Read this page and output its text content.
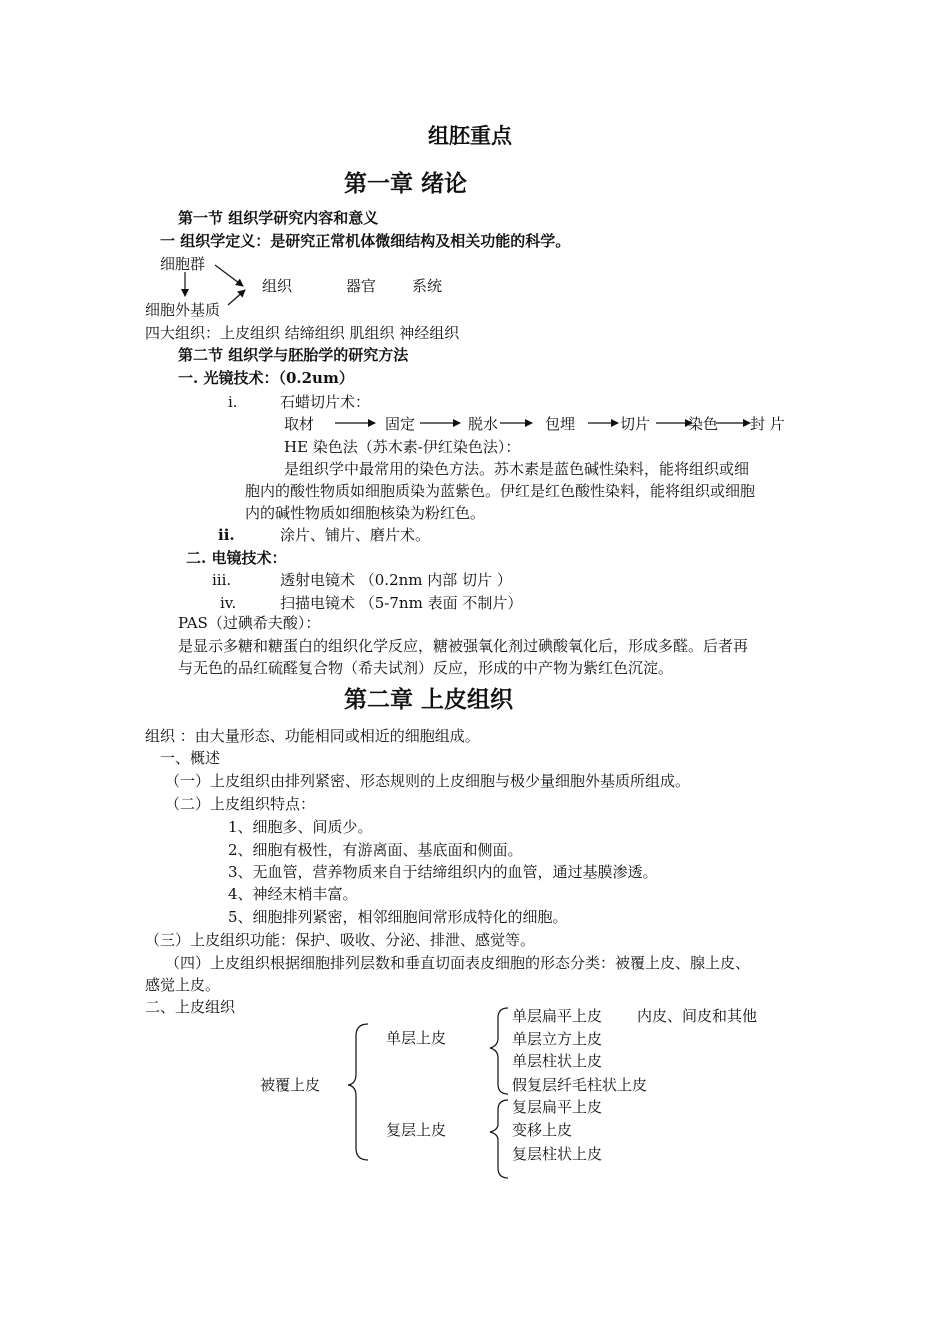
组胚重点
第一章 绪论
第一节 组织学研究内容和意义
一 组织学定义：是研究正常机体微细结构及相关功能的科学。
细胞群
组织	器官 系统
细胞外基质
四大组织：上皮组织 结缔组织 肌组织 神经组织
第二节 组织学与胚胎学的研究方法
一. 光镜技术：（0.2um）
i.	石蜡切片术：
取材	固定	脱水	包埋	切片	染色 封 片
HE 染色法（苏木素-伊红染色法）：
是组织学中最常用的染色方法。苏木素是蓝色碱性染料，能将组织或细
胞内的酸性物质如细胞质染为蓝紫色。伊红是红色酸性染料，能将组织或细胞
内的碱性物质如细胞核染为粉红色。
ii.	涂片、铺片、磨片术。
二. 电镜技术：
iii.	透射电镜术 （0.2nm 内部 切片 ）
iv.	扫描电镜术 （5-7nm 表面 不制片）
PAS（过碘希夫酸）：
是显示多糖和糖蛋白的组织化学反应，糖被强氧化剂过碘酸氧化后，形成多醛。后者再
与无色的品红硫醛复合物（希夫试剂）反应，形成的中产物为紫红色沉淀。
第二章 上皮组织
组织 ：由大量形态、功能相同或相近的细胞组成。
一、概述
（一）上皮组织由排列紧密、形态规则的上皮细胞与极少量细胞外基质所组成。
（二）上皮组织特点：
1、细胞多、间质少。
2、细胞有极性，有游离面、基底面和侧面。
3、无血管，营养物质来自于结缔组织内的血管，通过基膜渗透。
4、神经末梢丰富。
5、细胞排列紧密，相邻细胞间常形成特化的细胞。
（三）上皮组织功能：保护、吸收、分泌、排泄、感觉等。
（四）上皮组织根据细胞排列层数和垂直切面表皮细胞的形态分类：被覆上皮、腺上皮、
感觉上皮。
二、上皮组织
被覆上皮
单层上皮
复层上皮
单层扁平上皮 内皮、间皮和其他
单层立方上皮
单层柱状上皮
假复层纤毛柱状上皮
复层扁平上皮
变移上皮
复层柱状上皮
